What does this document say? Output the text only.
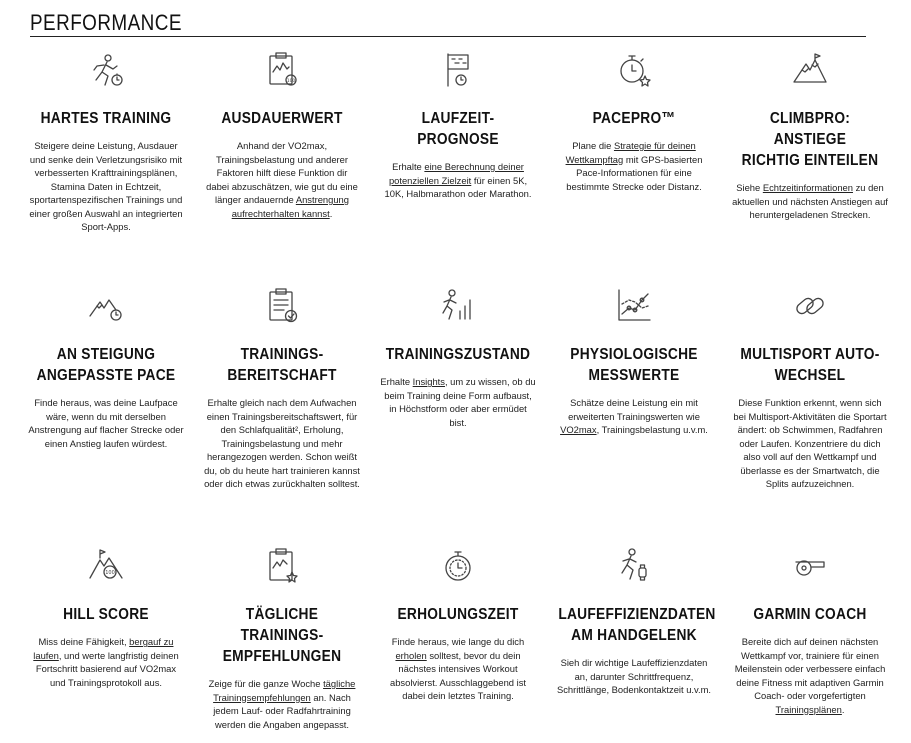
PERFORMANCE
HARTES TRAINING
Steigere deine Leistung, Ausdauer und senke dein Verletzungsrisiko mit verbesserten Krafttrainingsplänen, Stamina Daten in Echtzeit, sportartenspezifischen Trainings und einer großen Auswahl an integrierten Sport-Apps.
100
AUSDAUERWERT
Anhand der VO2max, Trainingsbelastung und anderer Faktoren hilft diese Funktion dir dabei abzuschätzen, wie gut du eine länger andauernde Anstrengung aufrechterhalten kannst.
LAUFZEIT-PROGNOSE
Erhalte eine Berechnung deiner potenziellen Zielzeit für einen 5K, 10K, Halbmarathon oder Marathon.
PACEPRO™
Plane die Strategie für deinen Wettkampftag mit GPS-basierten Pace-Informationen für eine bestimmte Strecke oder Distanz.
CLIMBPRO: ANSTIEGE
RICHTIG EINTEILEN
Siehe Echtzeitinformationen zu den aktuellen und nächsten Anstiegen auf heruntergeladenen Strecken.
AN STEIGUNG
ANGEPASSTE PACE
Finde heraus, was deine Laufpace wäre, wenn du mit derselben Anstrengung auf flacher Strecke oder einen Anstieg laufen würdest.
TRAININGS-
BEREITSCHAFT
Erhalte gleich nach dem Aufwachen einen Trainingsbereitschaftswert, für den Schlafqualität², Erholung, Trainingsbelastung und mehr herangezogen werden. Schon weißt du, ob du heute hart trainieren kannst oder dich etwas zurückhalten solltest.
TRAININGSZUSTAND
Erhalte Insights, um zu wissen, ob du beim Training deine Form aufbaust, in Höchstform oder aber ermüdet bist.
PHYSIOLOGISCHE
MESSWERTE
Schätze deine Leistung ein mit erweiterten Trainingswerten wie VO2max, Trainingsbelastung u.v.m.
MULTISPORT AUTO-
WECHSEL
Diese Funktion erkennt, wenn sich bei Multisport-Aktivitäten die Sportart ändert: ob Schwimmen, Radfahren oder Laufen. Konzentriere du dich also voll auf den Wettkampf und überlasse es der Smartwatch, die Splits aufzuzeichnen.
100
HILL SCORE
Miss deine Fähigkeit, bergauf zu laufen, und werte langfristig deinen Fortschritt basierend auf VO2max und Trainingsprotokoll aus.
TÄGLICHE TRAININGS-
EMPFEHLUNGEN
Zeige für die ganze Woche tägliche Trainingsempfehlungen an. Nach jedem Lauf- oder Radfahrtraining werden die Angaben angepasst.
ERHOLUNGSZEIT
Finde heraus, wie lange du dich erholen solltest, bevor du dein nächstes intensives Workout absolvierst. Ausschlaggebend ist dabei dein letztes Training.
LAUFEFFIZIENZDATEN
AM HANDGELENK
Sieh dir wichtige Laufeffizienzdaten an, darunter Schrittfrequenz, Schrittlänge, Bodenkontaktzeit u.v.m.
GARMIN COACH
Bereite dich auf deinen nächsten Wettkampf vor, trainiere für einen Meilenstein oder verbessere einfach deine Fitness mit adaptiven Garmin Coach- oder vorgefertigten Trainingsplänen.
